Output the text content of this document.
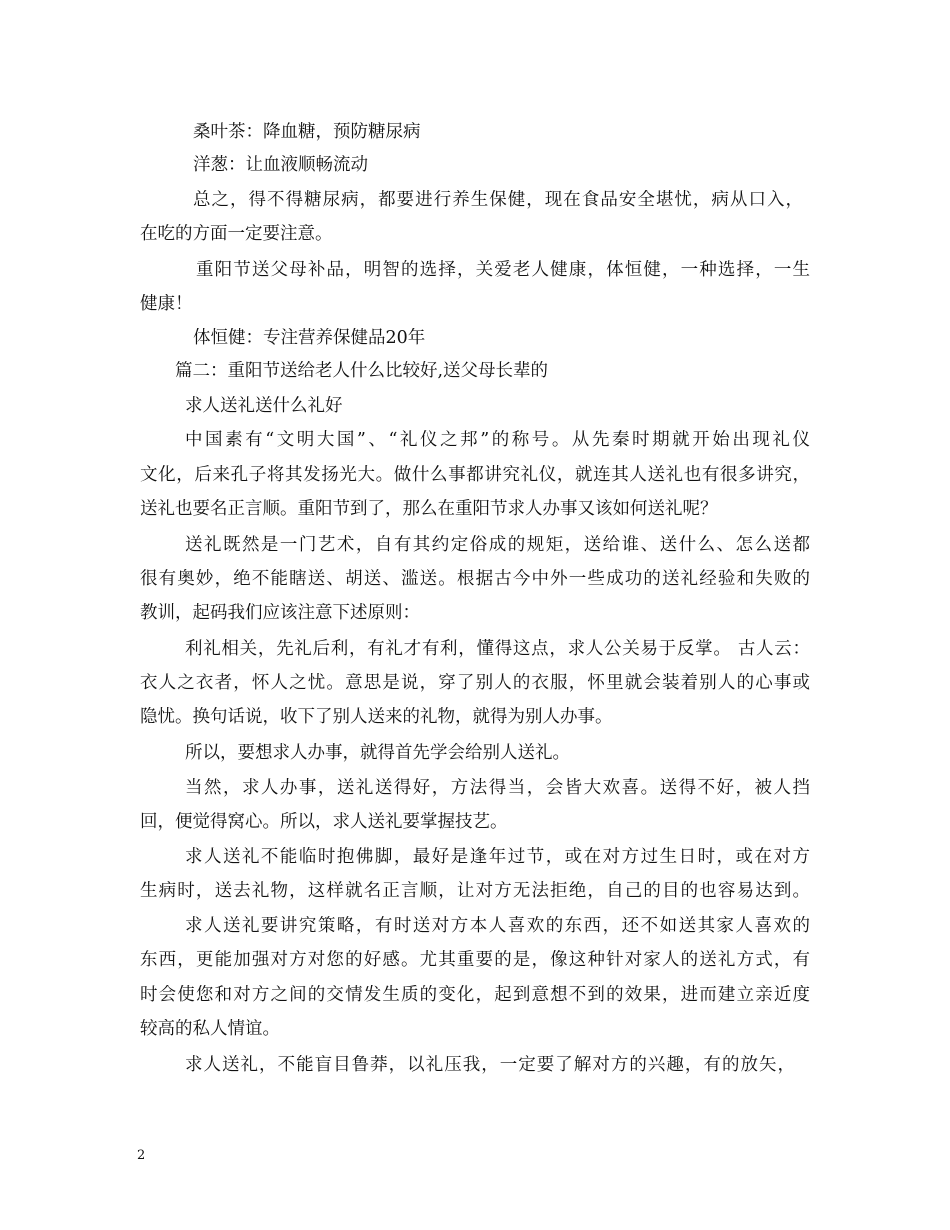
桑叶茶：降血糖，预防糖尿病
洋葱：让血液顺畅流动
总之，得不得糖尿病，都要进行养生保健，现在食品安全堪忧，病从口入，
在吃的方面一定要注意。
重阳节送父母补品，明智的选择，关爱老人健康，体恒健，一种选择，一生
健康！
体恒健：专注营养保健品20年
篇二：重阳节送给老人什么比较好,送父母长辈的
求人送礼送什么礼好
中国素有“文明大国”、“礼仪之邦”的称号。从先秦时期就开始出现礼仪
文化，后来孔子将其发扬光大。做什么事都讲究礼仪，就连其人送礼也有很多讲究，
送礼也要名正言顺。重阳节到了，那么在重阳节求人办事又该如何送礼呢？
送礼既然是一门艺术，自有其约定俗成的规矩，送给谁、送什么、怎么送都
很有奥妙，绝不能瞎送、胡送、滥送。根据古今中外一些成功的送礼经验和失败的
教训，起码我们应该注意下述原则：
利礼相关，先礼后利，有礼才有利，懂得这点，求人公关易于反掌。 古人云：
衣人之衣者，怀人之忧。意思是说，穿了别人的衣服，怀里就会装着别人的心事或
隐忧。换句话说，收下了别人送来的礼物，就得为别人办事。
所以，要想求人办事，就得首先学会给别人送礼。
当然，求人办事，送礼送得好，方法得当，会皆大欢喜。送得不好，被人挡
回，便觉得窝心。所以，求人送礼要掌握技艺。
求人送礼不能临时抱佛脚，最好是逢年过节，或在对方过生日时，或在对方
生病时，送去礼物，这样就名正言顺，让对方无法拒绝，自己的目的也容易达到。
求人送礼要讲究策略，有时送对方本人喜欢的东西，还不如送其家人喜欢的
东西，更能加强对方对您的好感。尤其重要的是，像这种针对家人的送礼方式，有
时会使您和对方之间的交情发生质的变化，起到意想不到的效果，进而建立亲近度
较高的私人情谊。
求人送礼，不能盲目鲁莽，以礼压我，一定要了解对方的兴趣，有的放矢，
2
